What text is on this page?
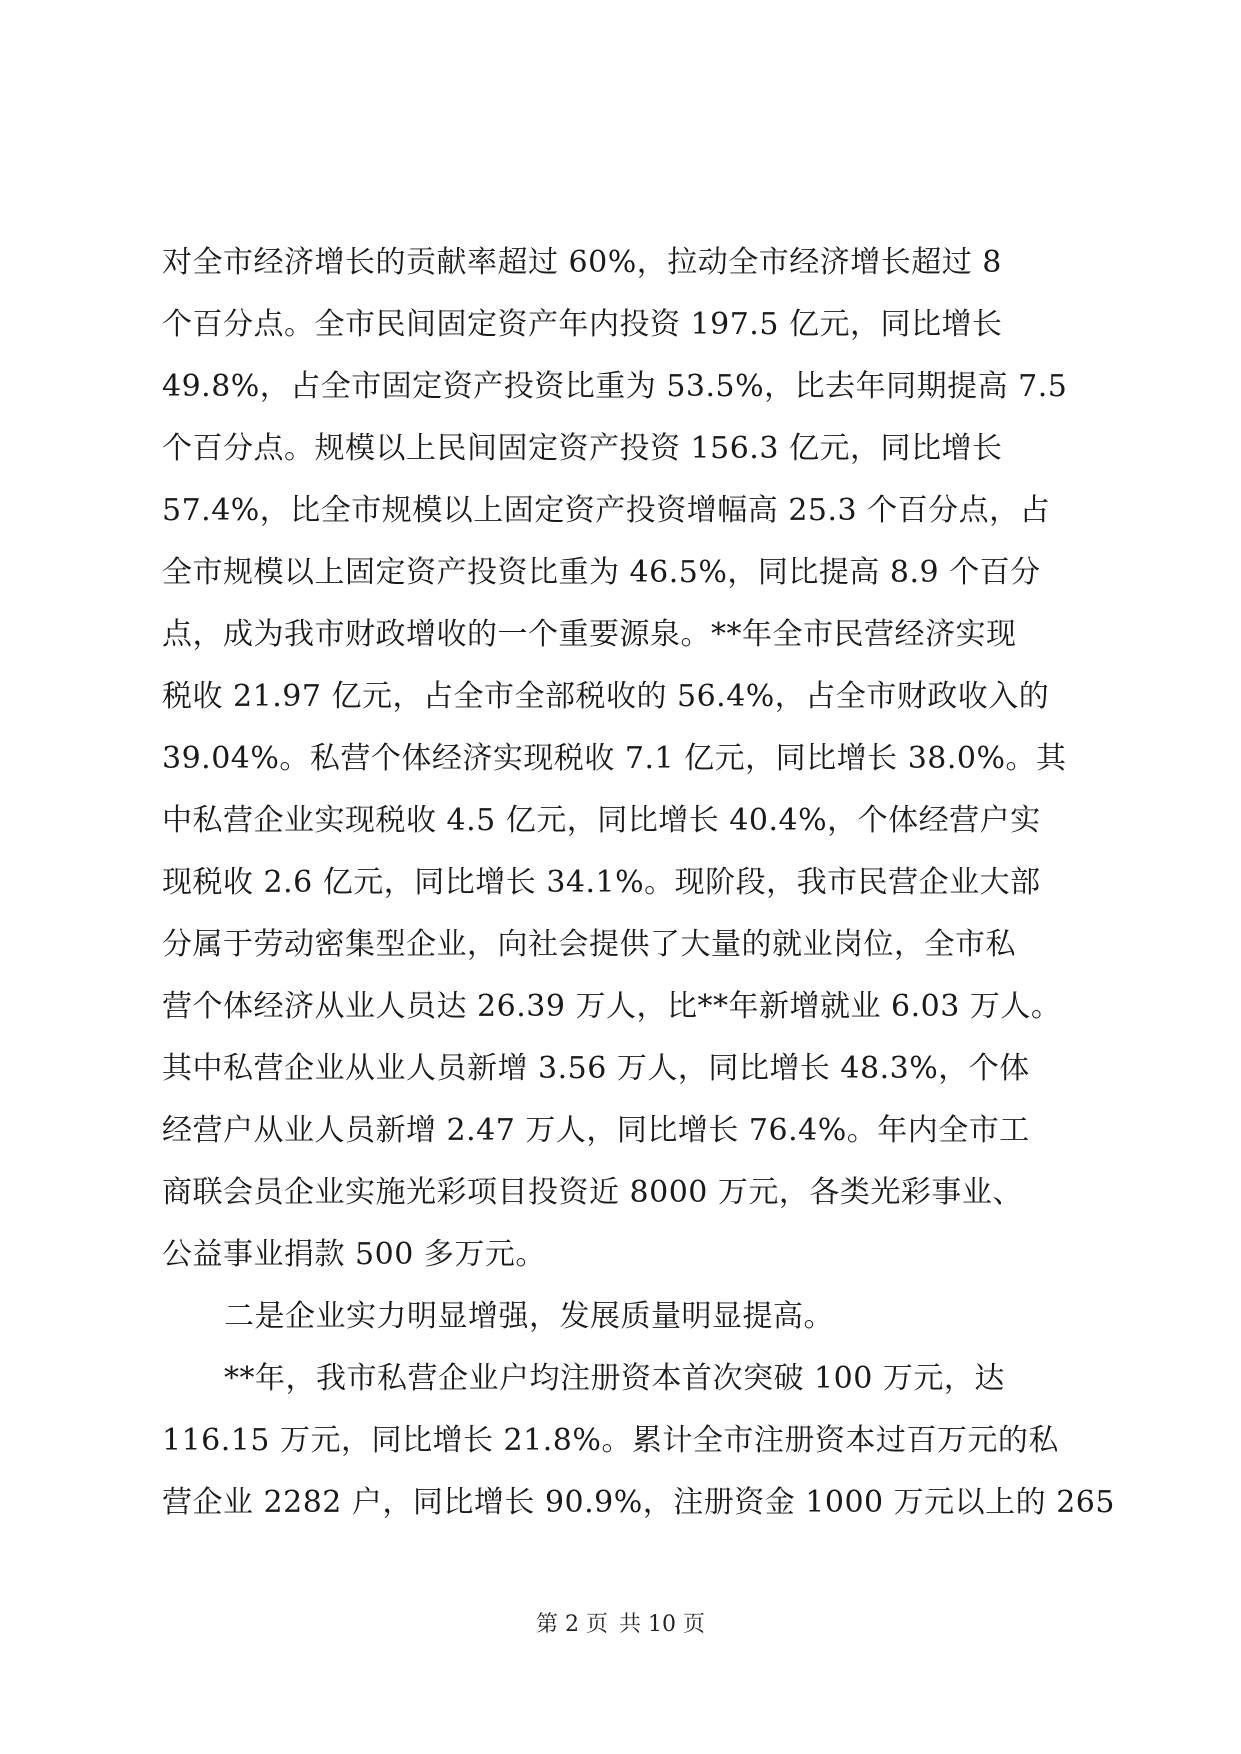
对全市经济增长的贡献率超过 60%，拉动全市经济增长超过 8
个百分点。全市民间固定资产年内投资 197.5 亿元，同比增长
49.8%，占全市固定资产投资比重为 53.5%，比去年同期提高 7.5
个百分点。规模以上民间固定资产投资 156.3 亿元，同比增长
57.4%，比全市规模以上固定资产投资增幅高 25.3 个百分点，占
全市规模以上固定资产投资比重为 46.5%，同比提高 8.9 个百分
点，成为我市财政增收的一个重要源泉。**年全市民营经济实现
税收 21.97 亿元，占全市全部税收的 56.4%，占全市财政收入的
39.04%。私营个体经济实现税收 7.1 亿元，同比增长 38.0%。其
中私营企业实现税收 4.5 亿元，同比增长 40.4%，个体经营户实
现税收 2.6 亿元，同比增长 34.1%。现阶段，我市民营企业大部
分属于劳动密集型企业，向社会提供了大量的就业岗位，全市私
营个体经济从业人员达 26.39 万人，比**年新增就业 6.03 万人。
其中私营企业从业人员新增 3.56 万人，同比增长 48.3%，个体
经营户从业人员新增 2.47 万人，同比增长 76.4%。年内全市工
商联会员企业实施光彩项目投资近 8000 万元，各类光彩事业、
公益事业捐款 500 多万元。
二是企业实力明显增强，发展质量明显提高。
**年，我市私营企业户均注册资本首次突破 100 万元，达
116.15 万元，同比增长 21.8%。累计全市注册资本过百万元的私
营企业 2282 户，同比增长 90.9%，注册资金 1000 万元以上的 265
第 2 页 共 10 页
